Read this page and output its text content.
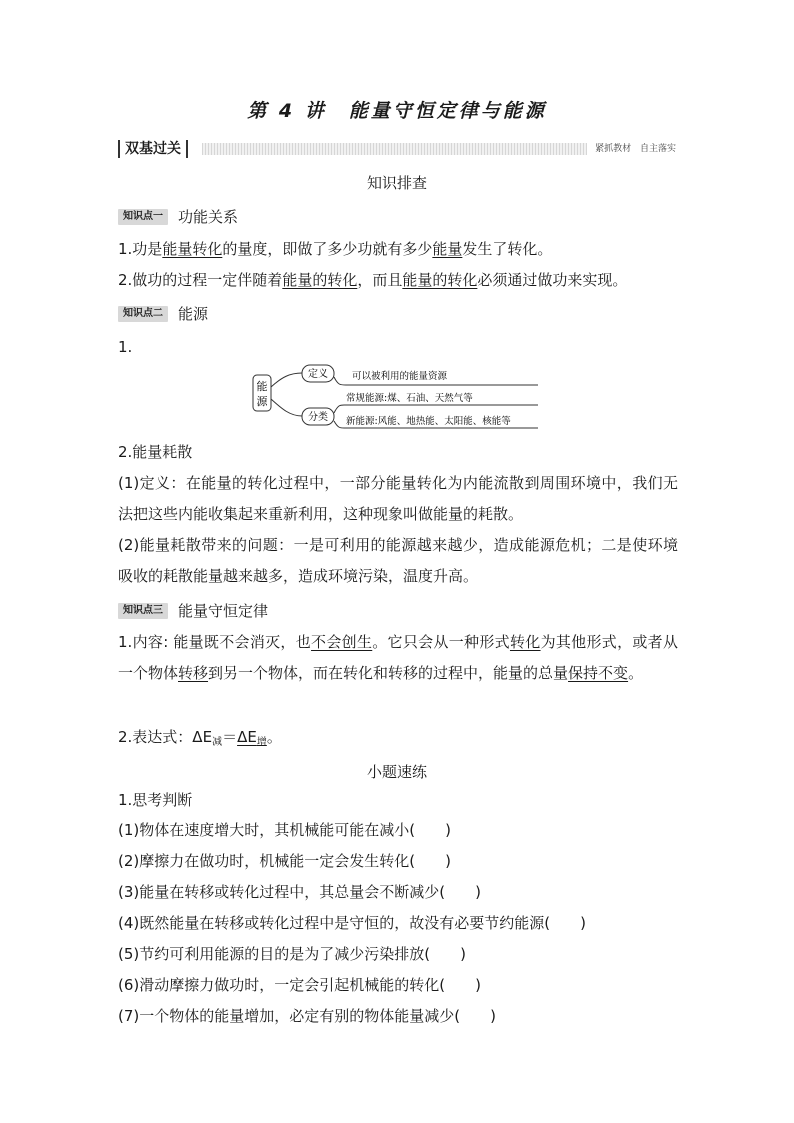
第 4 讲　能量守恒定律与能源
双基过关	紧抓教材 自主落实
知识排查
知识点一 功能关系
1.功是能量转化的量度，即做了多少功就有多少能量发生了转化。
2.做功的过程一定伴随着能量的转化，而且能量的转化必须通过做功来实现。
知识点二 能源
1.
能
源
定义	可以被利用的能量资源
分类
常规能源:煤、石油、天然气等
新能源:风能、地热能、太阳能、核能等
2.能量耗散
(1)定义：在能量的转化过程中，一部分能量转化为内能流散到周围环境中，我们无法把这些内能收集起来重新利用，这种现象叫做能量的耗散。
(2)能量耗散带来的问题：一是可利用的能源越来越少，造成能源危机；二是使环境吸收的耗散能量越来越多，造成环境污染，温度升高。
知识点三 能量守恒定律
1.内容: 能量既不会消灭，也不会创生。它只会从一种形式转化为其他形式，或者从一个物体转移到另一个物体，而在转化和转移的过程中，能量的总量保持不变。
2.表达式：$\Delta E_减=\Delta E_增$。
小题速练
1.思考判断
(1)物体在速度增大时，其机械能可能在减小(　　)
(2)摩擦力在做功时，机械能一定会发生转化(　　)
(3)能量在转移或转化过程中，其总量会不断减少(　　)
(4)既然能量在转移或转化过程中是守恒的，故没有必要节约能源(　　)
(5)节约可利用能源的目的是为了减少污染排放(　　)
(6)滑动摩擦力做功时，一定会引起机械能的转化(　　)
(7)一个物体的能量增加，必定有别的物体能量减少(　　)
